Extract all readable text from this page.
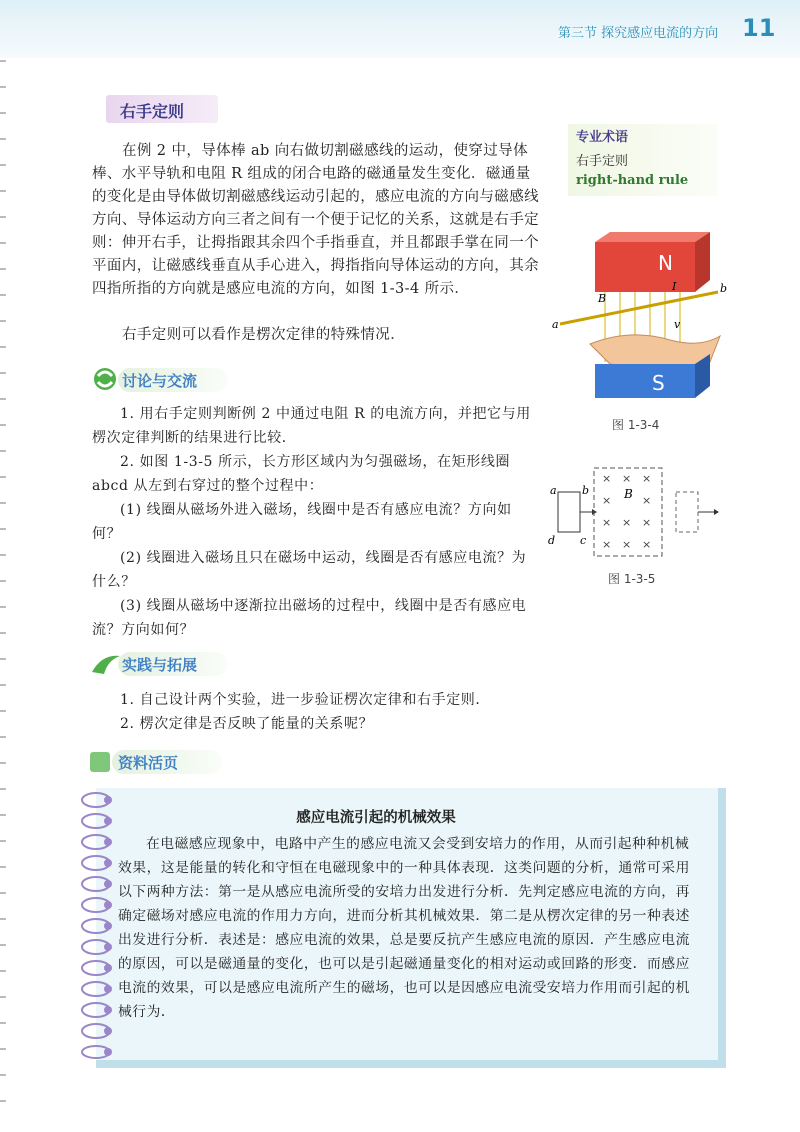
第三节 探究感应电流的方向 11
右手定则
在例 2 中，导体棒 ab 向右做切割磁感线的运动，使穿过导体棒、水平导轨和电阻 R 组成的闭合电路的磁通量发生变化．磁通量的变化是由导体做切割磁感线运动引起的，感应电流的方向与磁感线方向、导体运动方向三者之间有一个便于记忆的关系，这就是右手定则：伸开右手，让拇指跟其余四个手指垂直，并且都跟手掌在同一个平面内，让磁感线垂直从手心进入，拇指指向导体运动的方向，其余四指所指的方向就是感应电流的方向，如图 1-3-4 所示．
右手定则可以看作是楞次定律的特殊情况．
专业术语
右手定则
right-hand rule
N
a
b
B
I
v
S
图 1-3-4
a b
c
d
× × ×
×	×
× × ×
× × ×
B
图 1-3-5
讨论与交流
1. 用右手定则判断例 2 中通过电阻 R 的电流方向，并把它与用楞次定律判断的结果进行比较．
2. 如图 1-3-5 所示，长方形区域内为匀强磁场，在矩形线圈 abcd 从左到右穿过的整个过程中：
(1) 线圈从磁场外进入磁场，线圈中是否有感应电流？方向如何？
(2) 线圈进入磁场且只在磁场中运动，线圈是否有感应电流？为什么？
(3) 线圈从磁场中逐渐拉出磁场的过程中，线圈中是否有感应电流？方向如何？
实践与拓展
1. 自己设计两个实验，进一步验证楞次定律和右手定则．
2. 楞次定律是否反映了能量的关系呢？
资料活页
感应电流引起的机械效果
在电磁感应现象中，电路中产生的感应电流又会受到安培力的作用，从而引起种种机械效果，这是能量的转化和守恒在电磁现象中的一种具体表现．这类问题的分析，通常可采用以下两种方法：第一是从感应电流所受的安培力出发进行分析．先判定感应电流的方向，再确定磁场对感应电流的作用力方向，进而分析其机械效果．第二是从楞次定律的另一种表述出发进行分析．表述是：感应电流的效果，总是要反抗产生感应电流的原因．产生感应电流的原因，可以是磁通量的变化，也可以是引起磁通量变化的相对运动或回路的形变．而感应电流的效果，可以是感应电流所产生的磁场，也可以是因感应电流受安培力作用而引起的机械行为．
